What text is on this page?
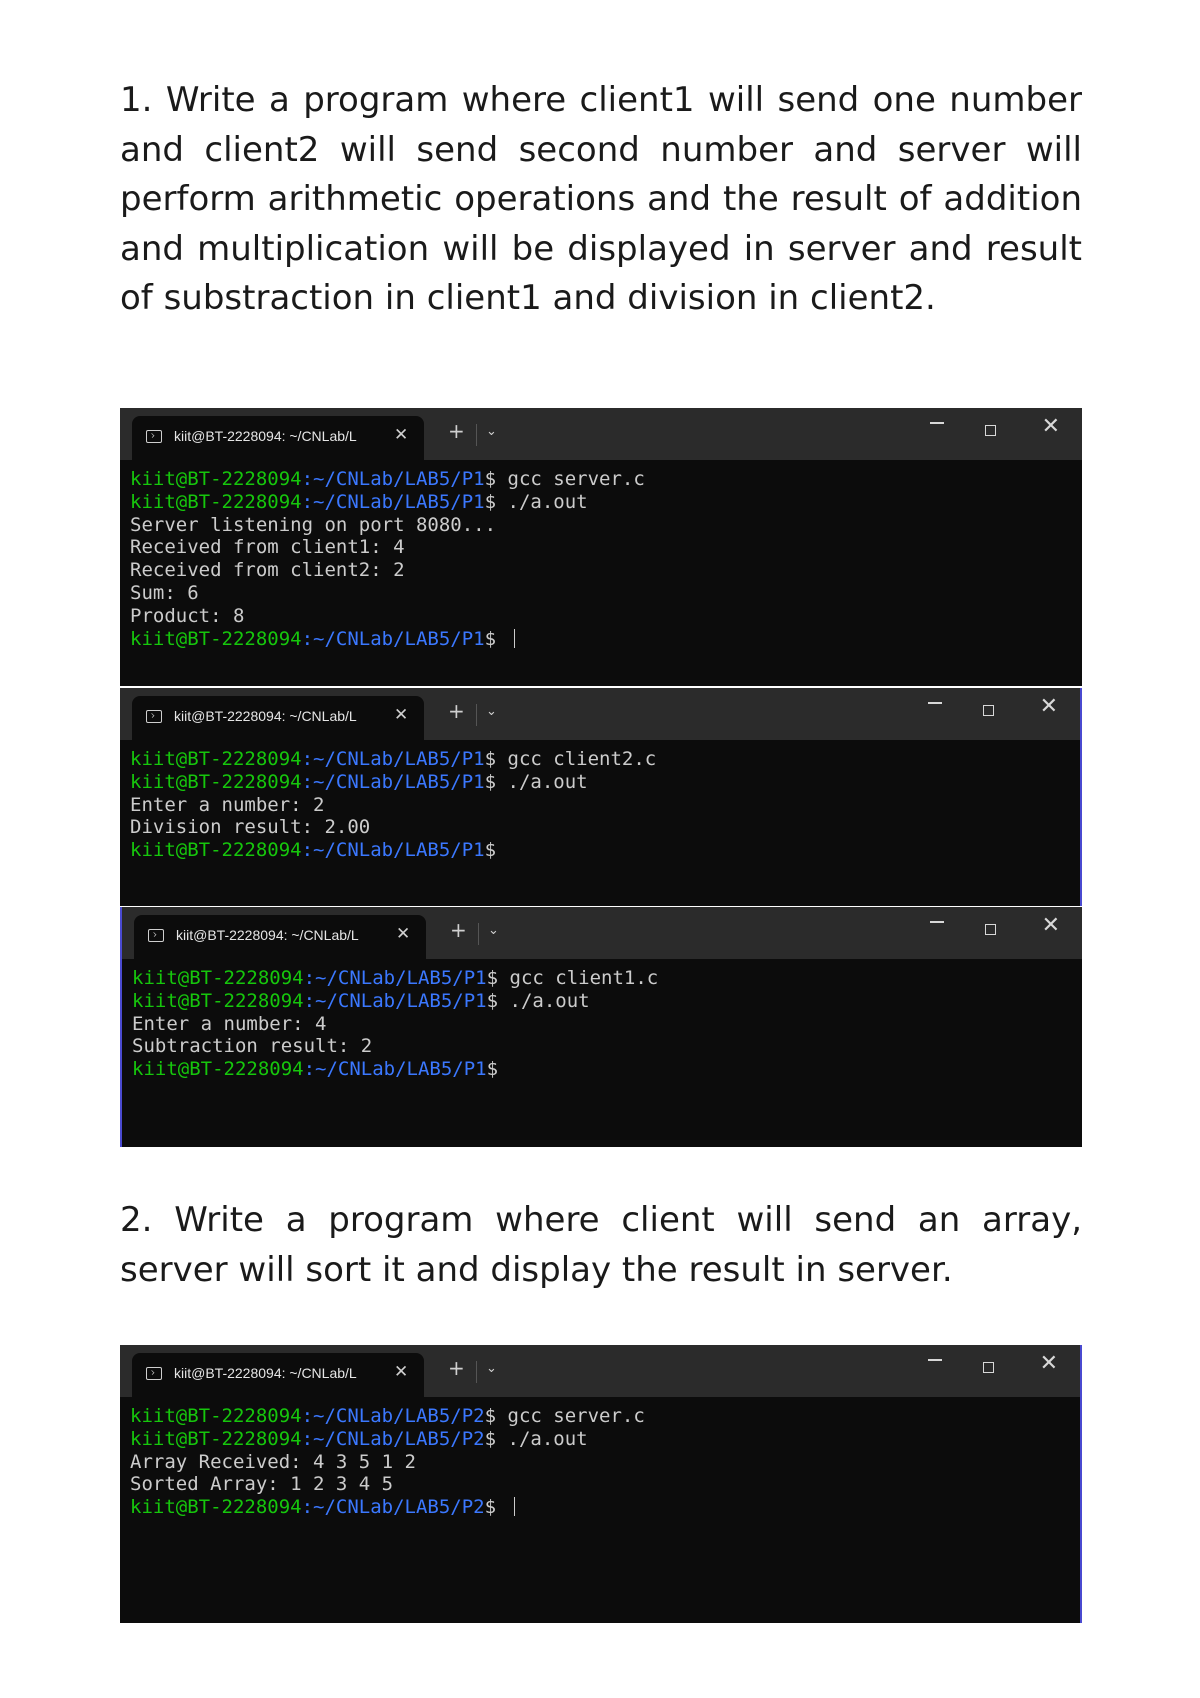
1. Write a program where client1 will send one number and client2 will send second number and server will perform arithmetic operations and the result of addition and multiplication will be displayed in server and result of substraction in client1 and division in client2.

kiit@BT-2228094: ~/CNLab/L	✕ + ⌄	✕
kiit@BT-2228094:~/CNLab/LAB5/P1$ gcc server.c
kiit@BT-2228094:~/CNLab/LAB5/P1$ ./a.out
Server listening on port 8080...
Received from client1: 4
Received from client2: 2
Sum: 6
Product: 8
kiit@BT-2228094:~/CNLab/LAB5/P1$
kiit@BT-2228094: ~/CNLab/L	✕ + ⌄	✕
kiit@BT-2228094:~/CNLab/LAB5/P1$ gcc client2.c
kiit@BT-2228094:~/CNLab/LAB5/P1$ ./a.out
Enter a number: 2
Division result: 2.00
kiit@BT-2228094:~/CNLab/LAB5/P1$
kiit@BT-2228094: ~/CNLab/L	✕ + ⌄	✕
kiit@BT-2228094:~/CNLab/LAB5/P1$ gcc client1.c
kiit@BT-2228094:~/CNLab/LAB5/P1$ ./a.out
Enter a number: 4
Subtraction result: 2
kiit@BT-2228094:~/CNLab/LAB5/P1$

2. Write a program where client will send an array, server will sort it and display the result in server.

kiit@BT-2228094: ~/CNLab/L	✕ + ⌄	✕
kiit@BT-2228094:~/CNLab/LAB5/P2$ gcc server.c
kiit@BT-2228094:~/CNLab/LAB5/P2$ ./a.out
Array Received: 4 3 5 1 2
Sorted Array: 1 2 3 4 5
kiit@BT-2228094:~/CNLab/LAB5/P2$
